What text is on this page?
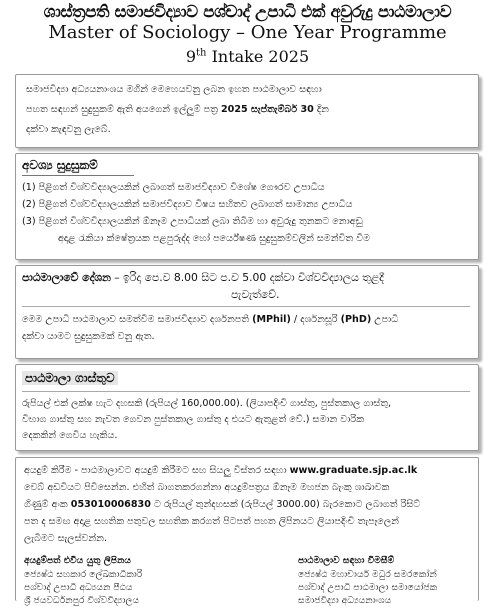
ශාස්ත්‍රපති සමාජවිද්‍යාව පශ්චාද් උපාධි එක් අවුරුදු පාඨමාලාව
Master of Sociology – One Year Programme
9th Intake 2025
සමාජවිද්‍යා අධ්‍යයනාංශය මගින් මෙහෙයවනු ලබන ඉහත පාඨමාලාව සඳහා
පහත සඳහන් සුදුසුකම් ඇති අයගෙන් ඉල්ලුම් පත්‍ර 2025 සැප්තැම්බර් 30 දින
දක්වා කැඳවනු ලැබේ.
අවශ්‍ය සුදුසුකම්
(1) පිළිගත් විශ්වවිද්‍යාලයකින් ලබාගත් සමාජවිද්‍යාව විශේෂ ගෞරව උපාධිය
(2) පිළිගත් විශ්වවිද්‍යාලයකින් සමාජවිද්‍යාව විෂය සහිතව ලබාගත් සාමාන්‍ය උපාධිය
(3) පිළිගත් විශ්වවිද්‍යාලයකින් ඕනෑම උපාධියක් ලබා තිබීම හා අවුරුදු තුනකට නොඅඩු
අදාළ රැකියා ක්ෂේත්‍රයක පළපුරුද්ද හෝ පර්යේෂණ සුදුසුකම්වලින් සමන්විත වීම
පාඨමාලාවේ දේශන – ඉරිදා පෙ.ව 8.00 සිට ප.ව 5.00 දක්වා විශ්වවිද්‍යාලය තුළදී
පැවැත්වේ.
මෙම උපාධි පාඨමාලාව සමත්වීම සමාජවිද්‍යාව දර්ශනපති (MPhil) / දර්ශනසූරි (PhD) උපාධි
දක්වා යාමට සුදුසුකමක් වනු ඇත.
පාඨමාලා ගාස්තුව
රුපියල් එක් ලක්ෂ හැට දහසකි (රුපියල් 160,000.00). (ලියාපදිංචි ගාස්තු, පුස්තකාල ගාස්තු,
විභාග ගාස්තු සහ නැවත ගෙවන පුස්තකාල ගාස්තු ද එයට ඇතුළත් වේ.) සමාන වාරික
දෙකකින් ගෙවිය හැකිය.
අයදුම් කිරීම - පාඨමාලාවට අයදුම් කිරීමට සහ සියලු විස්තර සඳහා www.graduate.sjp.ac.lk
වෙබ් අඩවියට පිවිසෙන්න. එහිත් බාගතකරගන්නා අයදුම්පත්‍රය ඕනෑම මහජන බැංකු ශාඛාවක
ගිණුම් අංක 053010006830 ට රුපියල් තුන්දහසක් (රුපියල් 3000.00) බැරකොට ලබාගත් රිසිට්
පත ද සමඟ අදාළ සහතික පතුවල සහතික කරගත් පිටපත් පහත ලිපිනයට ලියාපදිංචි තැපෑලෙන්
ලැබීමට සැලස්වන්න.
අයදුම්පත් එවිය යුතු ලිපිනය
ජ්‍යෙෂ්ඨ සහකාර ලේඛකාධිකාරි
පශ්චාද් උපාධි අධ්‍යයන පීඨය
ශ්‍රී ජයවර්ධනපුර විශ්වවිද්‍යාලය
පාඨමාලාව සඳහා විමසීම්
ජ්‍යෙෂ්ඨ මහාචාර්ය මධුර සමරකෝන්
පශ්චාද් උපාධි පාඨමාලා සමායෝජක
සමාජවිද්‍යා අධ්‍යයනාංශය
